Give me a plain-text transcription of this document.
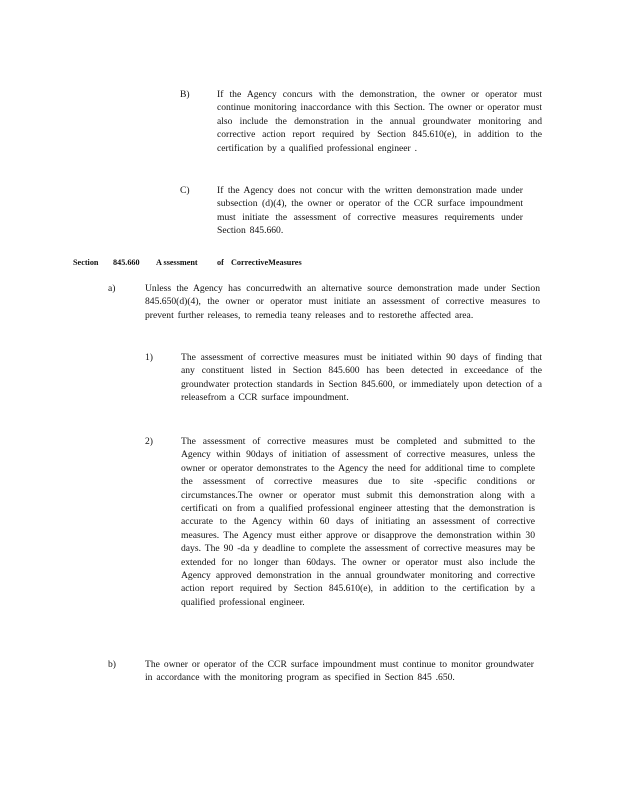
B)	If the Agency concurs with the demonstration, the owner or operator must continue monitoring inaccordance with this Section. The owner or operator must also include the demonstration in the annual groundwater monitoring and corrective action report required by Section 845.610(e), in addition to the certification by a qualified professional engineer .
C)	If the Agency does not concur with the written demonstration made under subsection (d)(4), the owner or operator of the CCR surface impoundment must initiate the assessment of corrective measures requirements under Section 845.660.
Section 845.660 A ssessment of CorrectiveMeasures
a)	Unless the Agency has concurredwith an alternative source demonstration made under Section 845.650(d)(4), the owner or operator must initiate an assessment of corrective measures to prevent further releases, to remedia teany releases and to restorethe affected area.
1)	The assessment of corrective measures must be initiated within 90 days of finding that any constituent listed in Section 845.600 has been detected in exceedance of the groundwater protection standards in Section 845.600, or immediately upon detection of a releasefrom a CCR surface impoundment.
2)	The assessment of corrective measures must be completed and submitted to the Agency within 90days of initiation of assessment of corrective measures, unless the owner or operator demonstrates to the Agency the need for additional time to complete the assessment of corrective measures due to site -specific conditions or circumstances.The owner or operator must submit this demonstration along with a certificati on from a qualified professional engineer attesting that the demonstration is accurate to the Agency within 60 days of initiating an assessment of corrective measures. The Agency must either approve or disapprove the demonstration within 30 days. The 90 -da y deadline to complete the assessment of corrective measures may be extended for no longer than 60days. The owner or operator must also include the Agency approved demonstration in the annual groundwater monitoring and corrective action report required by Section 845.610(e), in addition to the certification by a qualified professional engineer.
b)	The owner or operator of the CCR surface impoundment must continue to monitor groundwater in accordance with the monitoring program as specified in Section 845 .650.
